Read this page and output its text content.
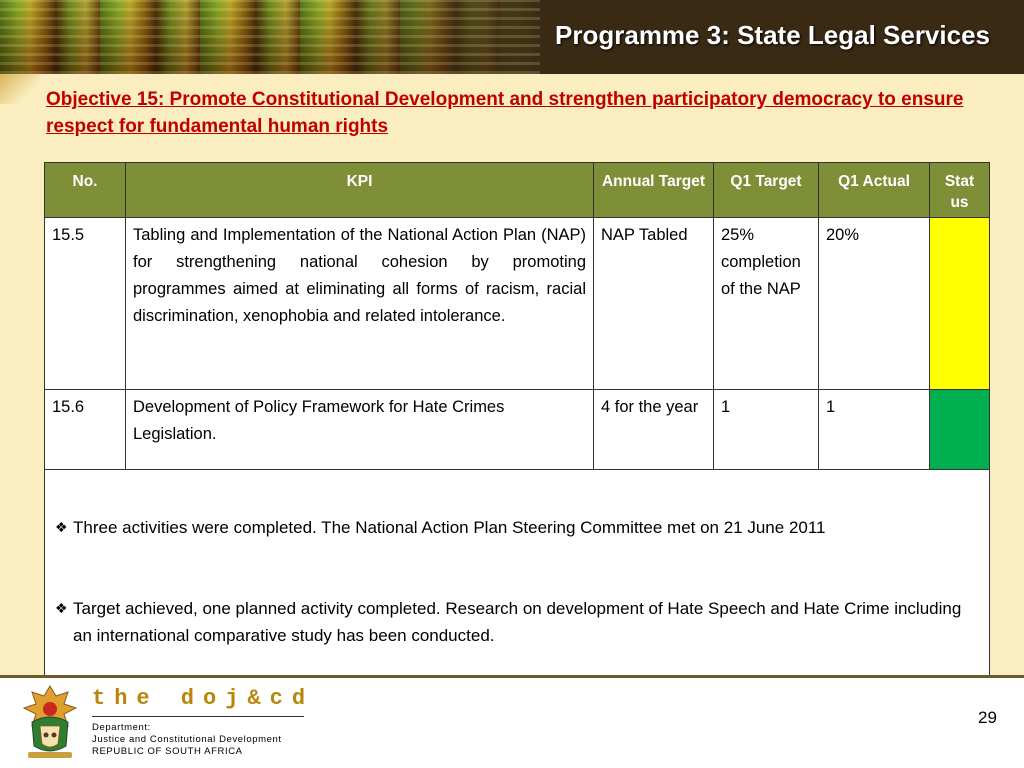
Programme 3: State Legal Services
Objective 15: Promote Constitutional Development and strengthen participatory democracy to ensure respect for fundamental human rights
No.	KPI	Annual Target	Q1 Target	Q1 Actual	Stat us
15.5	Tabling and Implementation of the National Action Plan (NAP) for strengthening national cohesion by promoting programmes aimed at eliminating all forms of racism, racial discrimination, xenophobia and related intolerance.	NAP Tabled	25% completion of the NAP	20%	
15.6	Development of Policy Framework for Hate Crimes Legislation.	4 for the year	1	1	

❖ Three activities were completed. The National Action Plan Steering Committee met on 21 June 2011

❖ Target achieved, one planned activity completed. Research on development of Hate Speech and Hate Crime including an international comparative study has been conducted.					

the doj&cd
Department:
Justice and Constitutional Development
REPUBLIC OF SOUTH AFRICA
29
